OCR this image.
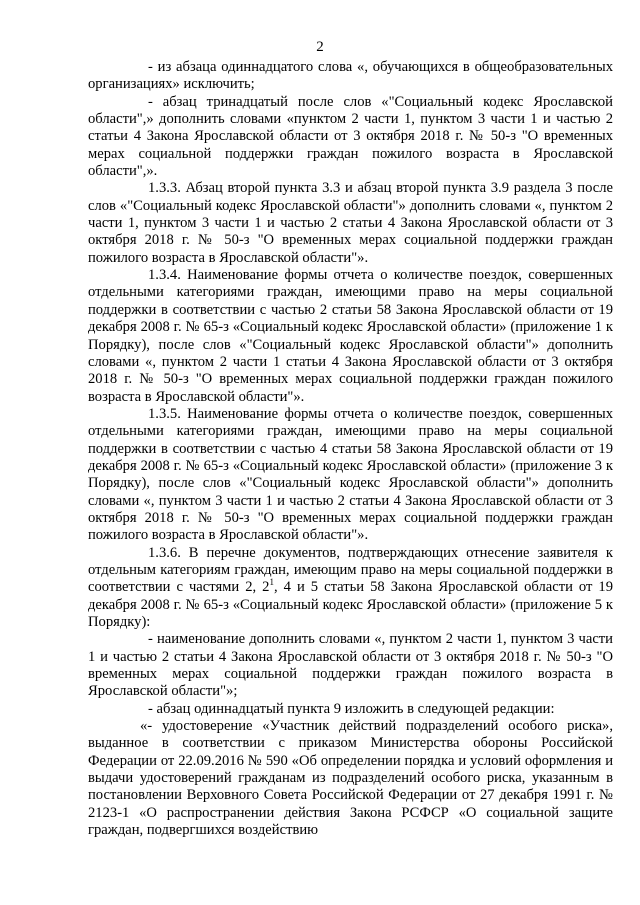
2

- из абзаца одиннадцатого слова «, обучающихся в общеобразовательных организациях» исключить;

- абзац тринадцатый после слов «"Социальный кодекс Ярославской области",» дополнить словами «пунктом 2 части 1, пунктом 3 части 1 и частью 2 статьи 4 Закона Ярославской области от 3 октября 2018 г. № 50-з "О временных мерах социальной поддержки граждан пожилого возраста в Ярославской области",».

1.3.3. Абзац второй пункта 3.3 и абзац второй пункта 3.9 раздела 3 после слов «"Социальный кодекс Ярославской области"» дополнить словами «, пунктом 2 части 1, пунктом 3 части 1 и частью 2 статьи 4 Закона Ярославской области от 3 октября 2018 г. № 50-з "О временных мерах социальной поддержки граждан пожилого возраста в Ярославской области"».

1.3.4. Наименование формы отчета о количестве поездок, совершенных отдельными категориями граждан, имеющими право на меры социальной поддержки в соответствии с частью 2 статьи 58 Закона Ярославской области от 19 декабря 2008 г. № 65-з «Социальный кодекс Ярославской области» (приложение 1 к Порядку), после слов «"Социальный кодекс Ярославской области"» дополнить словами «, пунктом 2 части 1 статьи 4 Закона Ярославской области от 3 октября 2018 г. № 50-з "О временных мерах социальной поддержки граждан пожилого возраста в Ярославской области"».

1.3.5. Наименование формы отчета о количестве поездок, совершенных отдельными категориями граждан, имеющими право на меры социальной поддержки в соответствии с частью 4 статьи 58 Закона Ярославской области от 19 декабря 2008 г. № 65-з «Социальный кодекс Ярославской области» (приложение 3 к Порядку), после слов «"Социальный кодекс Ярославской области"» дополнить словами «, пунктом 3 части 1 и частью 2 статьи 4 Закона Ярославской области от 3 октября 2018 г. № 50-з "О временных мерах социальной поддержки граждан пожилого возраста в Ярославской области"».

1.3.6. В перечне документов, подтверждающих отнесение заявителя к отдельным категориям граждан, имеющим право на меры социальной поддержки в соответствии с частями 2, $2^1$, 4 и 5 статьи 58 Закона Ярославской области от 19 декабря 2008 г. № 65-з «Социальный кодекс Ярославской области» (приложение 5 к Порядку):

- наименование дополнить словами «, пунктом 2 части 1, пунктом 3 части 1 и частью 2 статьи 4 Закона Ярославской области от 3 октября 2018 г. № 50-з "О временных мерах социальной поддержки граждан пожилого возраста в Ярославской области"»;

- абзац одиннадцатый пункта 9 изложить в следующей редакции:

«- удостоверение «Участник действий подразделений особого риска», выданное в соответствии с приказом Министерства обороны Российской Федерации от 22.09.2016 № 590 «Об определении порядка и условий оформления и выдачи удостоверений гражданам из подразделений особого риска, указанным в постановлении Верховного Совета Российской Федерации от 27 декабря 1991 г. № 2123-1 «О распространении действия Закона РСФСР «О социальной защите граждан, подвергшихся воздействию
